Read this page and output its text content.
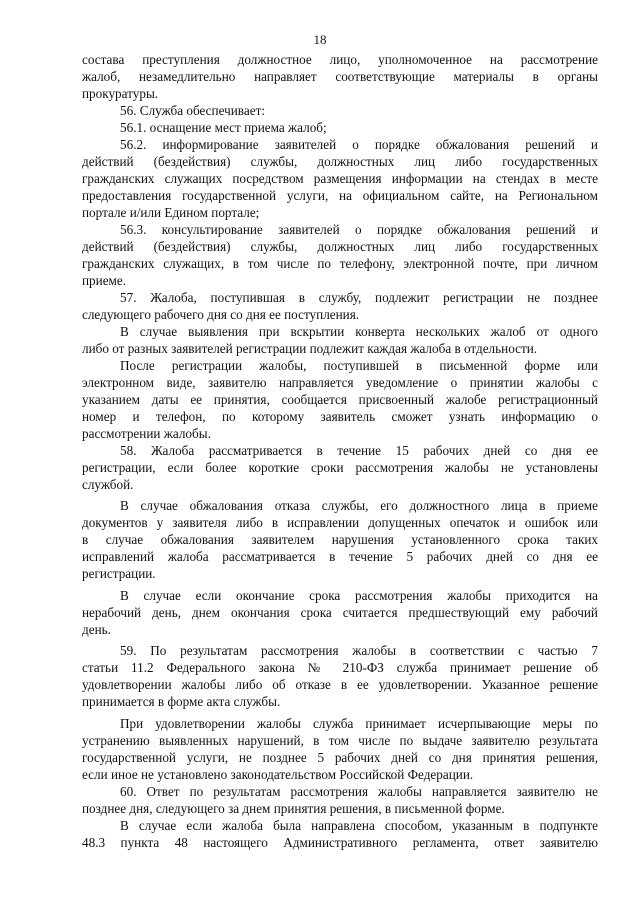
18

состава преступления должностное лицо, уполномоченное на рассмотрение

жалоб, незамедлительно направляет соответствующие материалы в органы

прокуратуры.

56. Служба обеспечивает:

56.1. оснащение мест приема жалоб;

56.2. информирование заявителей о порядке обжалования решений и

действий (бездействия) службы, должностных лиц либо государственных

гражданских служащих посредством размещения информации на стендах в месте

предоставления государственной услуги, на официальном сайте, на Региональном

портале и/или Едином портале;

56.3. консультирование заявителей о порядке обжалования решений и

действий (бездействия) службы, должностных лиц либо государственных

гражданских служащих, в том числе по телефону, электронной почте, при личном

приеме.

57. Жалоба, поступившая в службу, подлежит регистрации не позднее

следующего рабочего дня со дня ее поступления.

В случае выявления при вскрытии конверта нескольких жалоб от одного

либо от разных заявителей регистрации подлежит каждая жалоба в отдельности.

После регистрации жалобы, поступившей в письменной форме или

электронном виде, заявителю направляется уведомление о принятии жалобы с

указанием даты ее принятия, сообщается присвоенный жалобе регистрационный

номер и телефон, по которому заявитель сможет узнать информацию о

рассмотрении жалобы.

58. Жалоба рассматривается в течение 15 рабочих дней со дня ее

регистрации, если более короткие сроки рассмотрения жалобы не установлены

службой.

В случае обжалования отказа службы, его должностного лица в приеме

документов у заявителя либо в исправлении допущенных опечаток и ошибок или

в случае обжалования заявителем нарушения установленного срока таких

исправлений жалоба рассматривается в течение 5 рабочих дней со дня ее

регистрации.

В случае если окончание срока рассмотрения жалобы приходится на

нерабочий день, днем окончания срока считается предшествующий ему рабочий

день.

59. По результатам рассмотрения жалобы в соответствии с частью 7

статьи 11.2 Федерального закона № 210-ФЗ служба принимает решение об

удовлетворении жалобы либо об отказе в ее удовлетворении. Указанное решение

принимается в форме акта службы.

При удовлетворении жалобы служба принимает исчерпывающие меры по

устранению выявленных нарушений, в том числе по выдаче заявителю результата

государственной услуги, не позднее 5 рабочих дней со дня принятия решения,

если иное не установлено законодательством Российской Федерации.

60. Ответ по результатам рассмотрения жалобы направляется заявителю не

позднее дня, следующего за днем принятия решения, в письменной форме.

В случае если жалоба была направлена способом, указанным в подпункте

48.3 пункта 48 настоящего Административного регламента, ответ заявителю
